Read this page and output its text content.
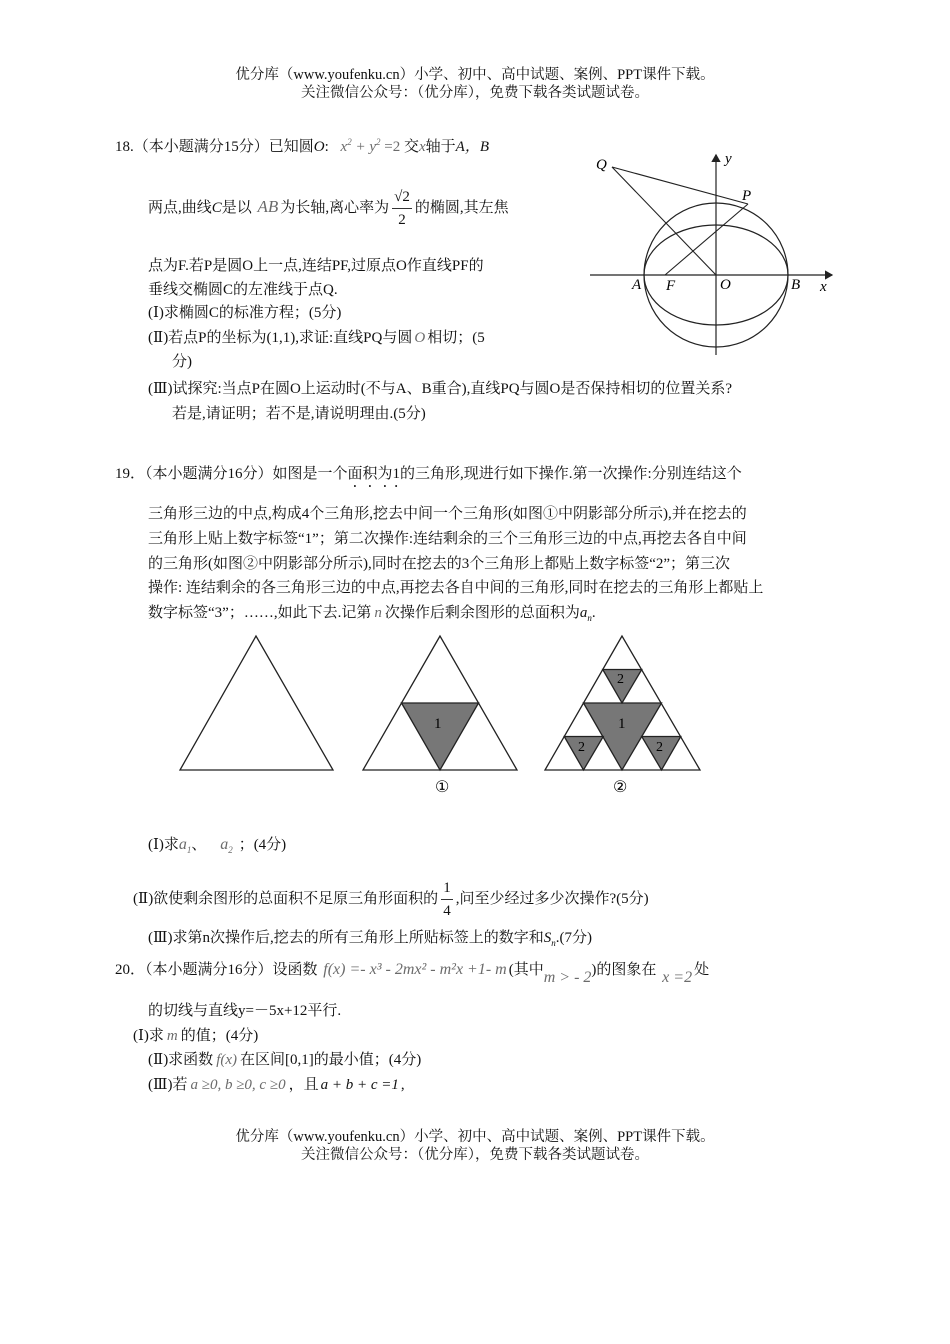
优分库（www.youfenku.cn）小学、初中、高中试题、案例、PPT课件下载。
关注微信公众号：（优分库），免费下载各类试题试卷。
18.（本小题满分15分）已知圆O: $x^2 + y^2 =2$ 交x轴于A，B
两点,曲线C是以 AB 为长轴,离心率为 $\frac{√2}{2}$ 的椭圆,其左焦
点为F.若P是圆O上一点,连结PF,过原点O作直线PF的
垂线交椭圆C的左准线于点Q.
(Ⅰ)求椭圆C的标准方程；(5分)
(Ⅱ)若点P的坐标为(1,1),求证:直线PQ与圆 O 相切；(5
分)
(Ⅲ)试探究:当点P在圆O上运动时(不与A、B重合),直线PQ与圆O是否保持相切的位置关系?
若是,请证明；若不是,请说明理由.(5分)
Q	y
P
A F	O	B x
19．（本小题满分16分）如图是一个面积为1的三角形,现进行如下操作.第一次操作:分别连结这个
三角形三边的中点,构成4个三角形,挖去中间一个三角形(如图①中阴影部分所示),并在挖去的
三角形上贴上数字标签“1”；第二次操作:连结剩余的三个三角形三边的中点,再挖去各自中间
的三角形(如图②中阴影部分所示),同时在挖去的3个三角形上都贴上数字标签“2”；第三次
操作: 连结剩余的各三角形三边的中点,再挖去各自中间的三角形,同时在挖去的三角形上都贴上
数字标签“3”；……,如此下去.记第 n 次操作后剩余图形的总面积为$a_n$.
1
①
1
2
2	2
②
(Ⅰ)求$a_1$、 $a_2$ ；(4分)
(Ⅱ)欲使剩余图形的总面积不足原三角形面积的 $\frac{1}{4}$ ,问至少经过多少次操作?(5分)
(Ⅲ)求第n次操作后,挖去的所有三角形上所贴标签上的数字和$S_n.(7$分)
20．（本小题满分16分）设函数 f(x) =- x³ - 2mx² - m²x +1- m (其中m > - 2)的图象在 x =2 处
的切线与直线y=－5x+12平行.
(Ⅰ)求 m 的值；(4分)
(Ⅱ)求函数 f(x) 在区间[0,1]的最小值；(4分)
(Ⅲ)若 a ≥0, b ≥0, c ≥0 ，且 a + b + c =1 ,
优分库（www.youfenku.cn）小学、初中、高中试题、案例、PPT课件下载。
关注微信公众号：（优分库），免费下载各类试题试卷。
